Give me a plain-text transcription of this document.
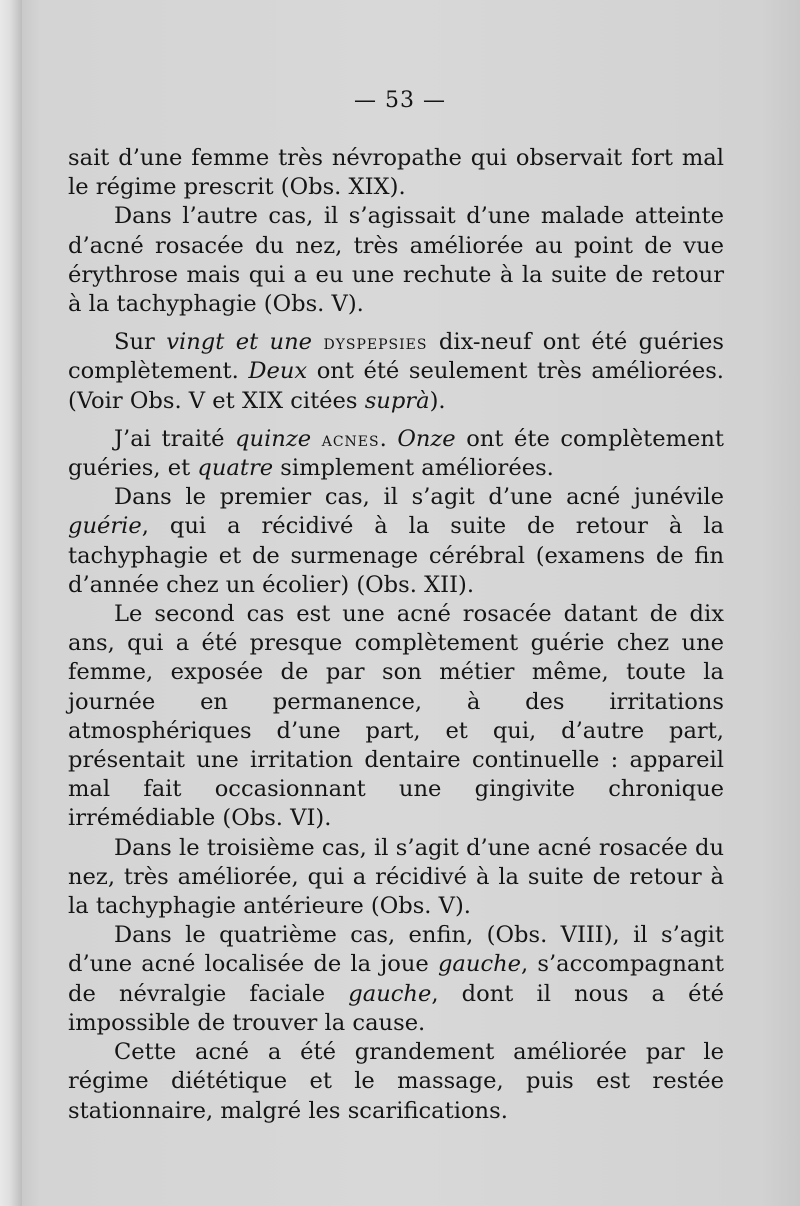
— 53 —

sait d’une femme très névropathe qui observait fort mal le régime prescrit (Obs. XIX).

Dans l’autre cas, il s’agissait d’une malade atteinte d’acné rosacée du nez, très améliorée au point de vue érythrose mais qui a eu une rechute à la suite de retour à la tachyphagie (Obs. V).

Sur vingt et une dyspepsies dix-neuf ont été guéries complètement. Deux ont été seulement très améliorées. (Voir Obs. V et XIX citées suprà).

J’ai traité quinze acnes. Onze ont éte complètement guéries, et quatre simplement améliorées.

Dans le premier cas, il s’agit d’une acné junévile guérie, qui a récidivé à la suite de retour à la tachyphagie et de surmenage cérébral (examens de fin d’année chez un écolier) (Obs. XII).

Le second cas est une acné rosacée datant de dix ans, qui a été presque complètement guérie chez une femme, exposée de par son métier même, toute la journée en permanence, à des irritations atmosphériques d’une part, et qui, d’autre part, présentait une irritation dentaire continuelle : appareil mal fait occasionnant une gingivite chronique irrémédiable (Obs. VI).

Dans le troisième cas, il s’agit d’une acné rosacée du nez, très améliorée, qui a récidivé à la suite de retour à la tachyphagie antérieure (Obs. V).

Dans le quatrième cas, enfin, (Obs. VIII), il s’agit d’une acné localisée de la joue gauche, s’accompagnant de névralgie faciale gauche, dont il nous a été impossible de trouver la cause.

Cette acné a été grandement améliorée par le régime diététique et le massage, puis est restée stationnaire, malgré les scarifications.
